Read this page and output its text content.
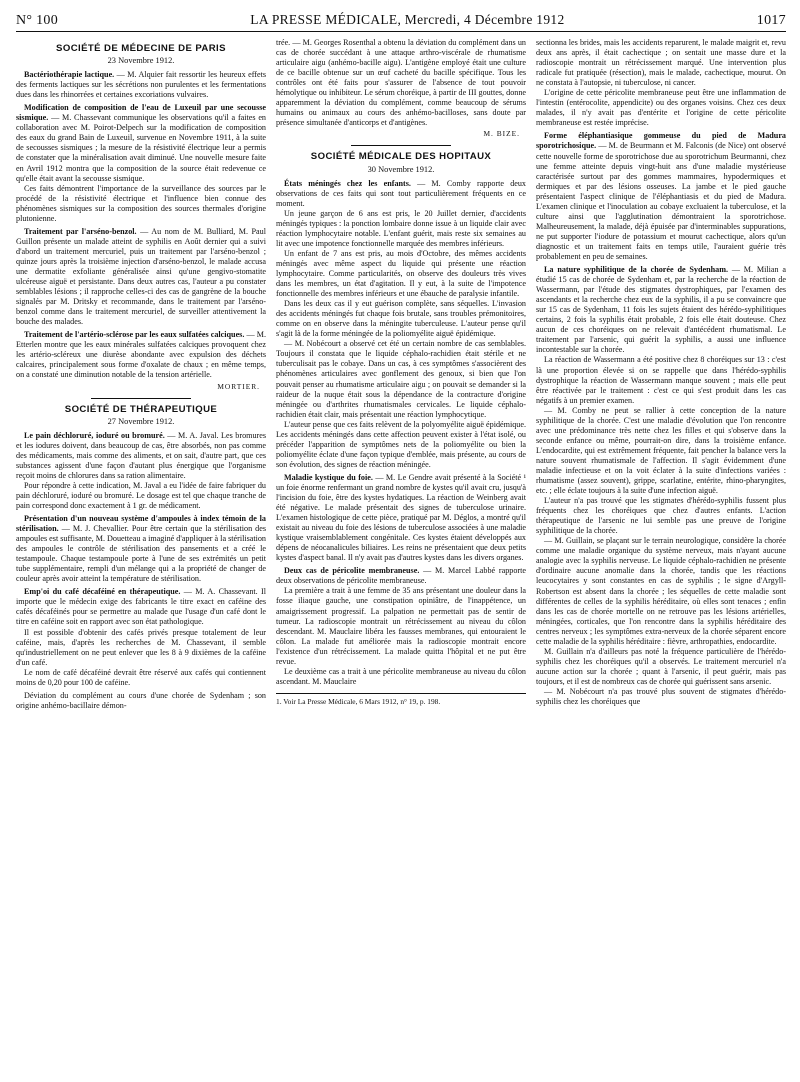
N° 100	LA PRESSE MÉDICALE, Mercredi, 4 Décembre 1912	1017
SOCIÉTÉ DE MÉDECINE DE PARIS
23 Novembre 1912.

Bactériothérapie lactique. — M. Alquier fait ressortir les heureux effets des ferments lactiques sur les sécrétions non purulentes et les fermentations dues dans les rhinorrées et certaines excoriations vulvaires.

Modification de composition de l'eau de Luxeuil par une secousse sismique. — M. Chassevant communique les observations qu'il a faites en collaboration avec M. Poirot-Delpech sur la modification de composition des eaux du grand Bain de Luxeuil, survenue en Novembre 1911, à la suite de secousses sismiques ; la mesure de la résistivité électrique leur a permis de constater que la minéralisation avait diminué. Une nouvelle mesure faite en Avril 1912 montra que la composition de la source était redevenue ce qu'elle était avant la secousse sismique.

Ces faits démontrent l'importance de la surveillance des sources par le procédé de la résistivité électrique et l'influence bien connue des phénomènes sismiques sur la composition des sources thermales d'origine plutonienne.

Traitement par l'arséno-benzol. — Au nom de M. Bulliard, M. Paul Guillon présente un malade atteint de syphilis en Août dernier qui a suivi d'abord un traitement mercuriel, puis un traitement par l'arséno-benzol ; quinze jours après la troisième injection d'arséno-benzol, le malade accusa une dermatite exfoliante généralisée ainsi qu'une gengivo-stomatite ulcéreuse aiguë et persistante. Dans deux autres cas, l'auteur a pu constater semblables lésions ; il rapproche celles-ci des cas de gangrène de la bouche signalés par M. Dritsky et recommande, dans le traitement par l'arséno-benzol comme dans le traitement mercuriel, de surveiller attentivement la bouche des malades.

Traitement de l'artério-sclérose par les eaux sulfatées calciques. — M. Etterlen montre que les eaux minérales sulfatées calciques provoquent chez les artério-scléreux une diurèse abondante avec expulsion des déchets calcaires, principalement sous forme d'oxalate de chaux ; en même temps, on a constaté une diminution notable de la tension artérielle.

MORTIER.
SOCIÉTÉ DE THÉRAPEUTIQUE
27 Novembre 1912.

Le pain déchloruré, ioduré ou bromuré. — M. A. Javal. Les bromures et les iodures doivent, dans beaucoup de cas, être absorbés, non pas comme des médicaments, mais comme des aliments, et on sait, d'autre part, que ces substances agissent d'une façon d'autant plus énergique que l'organisme reçoit moins de chlorures dans sa ration alimentaire.

Pour répondre à cette indication, M. Javal a eu l'idée de faire fabriquer du pain déchloruré, ioduré ou bromuré. Le dosage est tel que chaque tranche de pain correspond donc exactement à 1 gr. de médicament.

Présentation d'un nouveau système d'ampoules à index témoin de la stérilisation. — M. J. Chevallier. Pour être certain que la stérilisation des ampoules est suffisante, M. Douetteau a imaginé d'appliquer à la stérilisation des ampoules le contrôle de stérilisation des pansements et a créé le testampoule. Chaque testampoule porte à l'une de ses extrémités un petit tube supplémentaire, rempli d'un mélange qui a la propriété de changer de couleur après avoir atteint la température de stérilisation.

Emp'oi du café décaféiné en thérapeutique. — M. A. Chassevant. Il importe que le médecin exige des fabricants le titre exact en caféine des cafés décaféinés pour se permettre au malade que l'usage d'un café dont le titre en caféine soit en rapport avec son état pathologique.

Il est possible d'obtenir des cafés privés presque totalement de leur caféine, mais, d'après les recherches de M. Chassevant, il semble qu'industriellement on ne peut enlever que les 8 à 9 dixièmes de la caféine d'un café.

Le nom de café décaféiné devrait être réservé aux cafés qui contiennent moins de 0,20 pour 100 de caféine.

Déviation du complément au cours d'une chorée de Sydenham ; son origine anhémo-bacillaire démon-

trée. — M. Georges Rosenthal a obtenu la déviation du complément dans un cas de chorée succédant à une attaque arthro-viscérale de rhumatisme articulaire aigu (anhémo-bacille aigu). L'antigène employé était une culture de ce bacille obtenue sur un œuf cacheté du bacille spécifique. Tous les contrôles ont été faits pour s'assurer de l'absence de tout pouvoir hémolytique ou inhibiteur. Le sérum choréique, à partir de III gouttes, donne apparemment la déviation du complément, comme beaucoup de sérums humains ou animaux au cours des anhémo-bacilloses, sans doute par présence simultanée d'anticorps et d'antigènes.

M. BIZE.
SOCIÉTÉ MÉDICALE DES HOPITAUX
30 Novembre 1912.

États méningés chez les enfants. — M. Comby rapporte deux observations de ces faits qui sont tout particulièrement fréquents en ce moment.

Un jeune garçon de 6 ans est pris, le 20 Juillet dernier, d'accidents méningés typiques : la ponction lombaire donne issue à un liquide clair avec réaction lymphocytaire notable. L'enfant guérit, mais reste six semaines au lit avec une impotence fonctionnelle marquée des membres inférieurs.

Un enfant de 7 ans est pris, au mois d'Octobre, des mêmes accidents méningés avec même aspect du liquide qui présente une réaction lymphocytaire. Comme particularités, on observe des douleurs très vives dans les membres, un état d'agitation. Il y eut, à la suite de l'impotence fonctionnelle des membres inférieurs et une ébauche de paralysie infantile.

Dans les deux cas il y eut guérison complète, sans séquelles. L'invasion des accidents méningés fut chaque fois brutale, sans troubles prémonitoires, comme on en observe dans la méningite tuberculeuse. L'auteur pense qu'il s'agit là de la forme méningée de la poliomyélite aiguë épidémique.

— M. Nobécourt a observé cet été un certain nombre de cas semblables. Toujours il constata que le liquide céphalo-rachidien était stérile et ne tuberculisait pas le cobaye. Dans un cas, à ces symptômes s'associèrent des phénomènes articulaires avec gonflement des genoux, si bien que l'on pouvait penser au rhumatisme articulaire aigu ; on pouvait se demander si la raideur de la nuque était sous la dépendance de la contracture d'origine méningée ou d'arthrites rhumatismales cervicales. Le liquide céphalo-rachidien était clair, mais présentait une réaction lymphocytique.

L'auteur pense que ces faits relèvent de la polyomyélite aiguë épidémique. Les accidents méningés dans cette affection peuvent exister à l'état isolé, ou précéder l'apparition de symptômes nets de la poliomyélite ou bien la poliomyélite éclate d'une façon typique d'emblée, mais présente, au cours de son évolution, des signes de réaction méningée.

Maladie kystique du foie. — M. Le Gendre avait présenté à la Société ¹ un foie énorme renfermant un grand nombre de kystes qu'il avait cru, jusqu'à l'incision du foie, être des kystes hydatiques. La réaction de Weinberg avait été négative. Le malade présentait des signes de tuberculose urinaire. L'examen histologique de cette pièce, pratiqué par M. Déglos, a montré qu'il existait au niveau du foie des lésions de tuberculose associées à une maladie kystique vraisemblablement congénitale. Ces kystes étaient développés aux dépens de néocanalicules biliaires. Les reins ne présentaient que deux petits kystes d'aspect banal. Il n'y avait pas d'autres kystes dans les divers organes.

Deux cas de péricolite membraneuse. — M. Marcel Labbé rapporte deux observations de péricolite membraneuse.

La première a trait à une femme de 35 ans présentant une douleur dans la fosse iliaque gauche, une constipation opiniâtre, de l'inappétence, un amaigrissement progressif. La palpation ne permettait pas de sentir de tumeur. La radioscopie montrait un rétrécissement au niveau du côlon descendant. M. Mauclaire libéra les fausses membranes, qui entouraient le côlon. La malade fut améliorée mais la radioscopie montrait encore l'existence d'un rétrécissement. La malade quitta l'hôpital et ne put être revue.

Le deuxième cas a trait à une péricolite membraneuse au niveau du côlon ascendant. M. Mauclaire

1. Voir La Presse Médicale, 6 Mars 1912, n° 19, p. 198.

sectionna les brides, mais les accidents reparurent, le malade maigrit et, revu deux ans après, il était cachectique ; on sentait une masse dure et la radioscopie montrait un rétrécissement marqué. Une intervention plus radicale fut pratiquée (résection), mais le malade, cachectique, mourut. On ne constata à l'autopsie, ni tuberculose, ni cancer.

L'origine de cette péricolite membraneuse peut être une inflammation de l'intestin (entérocolite, appendicite) ou des organes voisins. Chez ces deux malades, il n'y avait pas d'entérite et l'origine de cette péricolite membraneuse est restée imprécise.

Forme éléphantiasique gommeuse du pied de Madura sporotrichosique. — M. de Beurmann et M. Falconis (de Nice) ont observé cette nouvelle forme de sporotrichose due au sporotrichum Beurmanni, chez une femme atteinte depuis vingt-huit ans d'une maladie mystérieuse caractérisée surtout par des gommes mammaires, hypodermiques et dermiques et par des lésions osseuses. La jambe et le pied gauche présentaient l'aspect clinique de l'éléphantiasis et du pied de Madura. L'examen clinique et l'inoculation au cobaye excluaient la tuberculose, et la culture ainsi que l'agglutination démontraient la sporotrichose. Malheureusement, la malade, déjà épuisée par d'interminables suppurations, ne put supporter l'iodure de potassium et mourut cachectique, alors qu'un diagnostic et un traitement faits en temps utile, l'auraient guérie très probablement en peu de semaines.

La nature syphilitique de la chorée de Sydenham. — M. Milian a étudié 15 cas de chorée de Sydenham et, par la recherche de la réaction de Wassermann, par l'étude des stigmates dystrophiques, par l'examen des ascendants et la recherche chez eux de la syphilis, il a pu se convaincre que sur 15 cas de Sydenham, 11 fois les sujets étaient des hérédo-syphilitiques certains, 2 fois la syphilis était probable, 2 fois elle était douteuse. Chez aucun de ces choréiques on ne relevait d'antécédent rhumatismal. Le traitement par l'arsenic, qui guérit la syphilis, a aussi une influence incontestable sur la chorée.

La réaction de Wassermann a été positive chez 8 choréiques sur 13 : c'est là une proportion élevée si on se rappelle que dans l'hérédo-syphilis dystrophique la réaction de Wassermann manque souvent ; mais elle peut être réactivée par le traitement : c'est ce qui s'est produit dans les cas négatifs à un premier examen.

— M. Comby ne peut se rallier à cette conception de la nature syphilitique de la chorée. C'est une maladie d'évolution que l'on rencontre avec une prédominance très nette chez les filles et qui s'observe dans la seconde enfance ou même, pourrait-on dire, dans la troisième enfance. L'endocardite, qui est extrêmement fréquente, fait pencher la balance vers la nature souvent rhumatismale de l'affection. Il s'agit évidemment d'une maladie infectieuse et on la voit éclater à la suite d'infections variées : rhumatisme (assez souvent), grippe, scarlatine, entérite, rhino-pharyngites, etc. ; elle éclate toujours à la suite d'une infection aiguë.

L'auteur n'a pas trouvé que les stigmates d'hérédo-syphilis fussent plus fréquents chez les choréiques que chez d'autres enfants. L'action thérapeutique de l'arsenic ne lui semble pas une preuve de l'origine syphilitique de la chorée.

— M. Guillain, se plaçant sur le terrain neurologique, considère la chorée comme une maladie organique du système nerveux, mais n'ayant aucune analogie avec la syphilis nerveuse. Le liquide céphalo-rachidien ne présente d'ordinaire aucune anomalie dans la chorée, tandis que les réactions leucocytaires y sont constantes en cas de syphilis ; le signe d'Argyll-Robertson est absent dans la chorée ; les séquelles de cette maladie sont différentes de celles de la syphilis héréditaire, où elles sont tenaces ; enfin dans les cas de chorée mortelle on ne retrouve pas les lésions artérielles, méningées, corticales, que l'on rencontre dans la syphilis héréditaire des centres nerveux ; les symptômes extra-nerveux de la chorée séparent encore cette maladie de la syphilis héréditaire : fièvre, arthropathies, endocardite.

M. Guillain n'a d'ailleurs pas noté la fréquence particulière de l'hérédo-syphilis chez les choréiques qu'il a observés. Le traitement mercuriel n'a aucune action sur la chorée ; quant à l'arsenic, il peut guérir, mais pas toujours, et il est de nombreux cas de chorée qui guérissent sans arsenic.

— M. Nobécourt n'a pas trouvé plus souvent de stigmates d'hérédo-syphilis chez les choréiques que
